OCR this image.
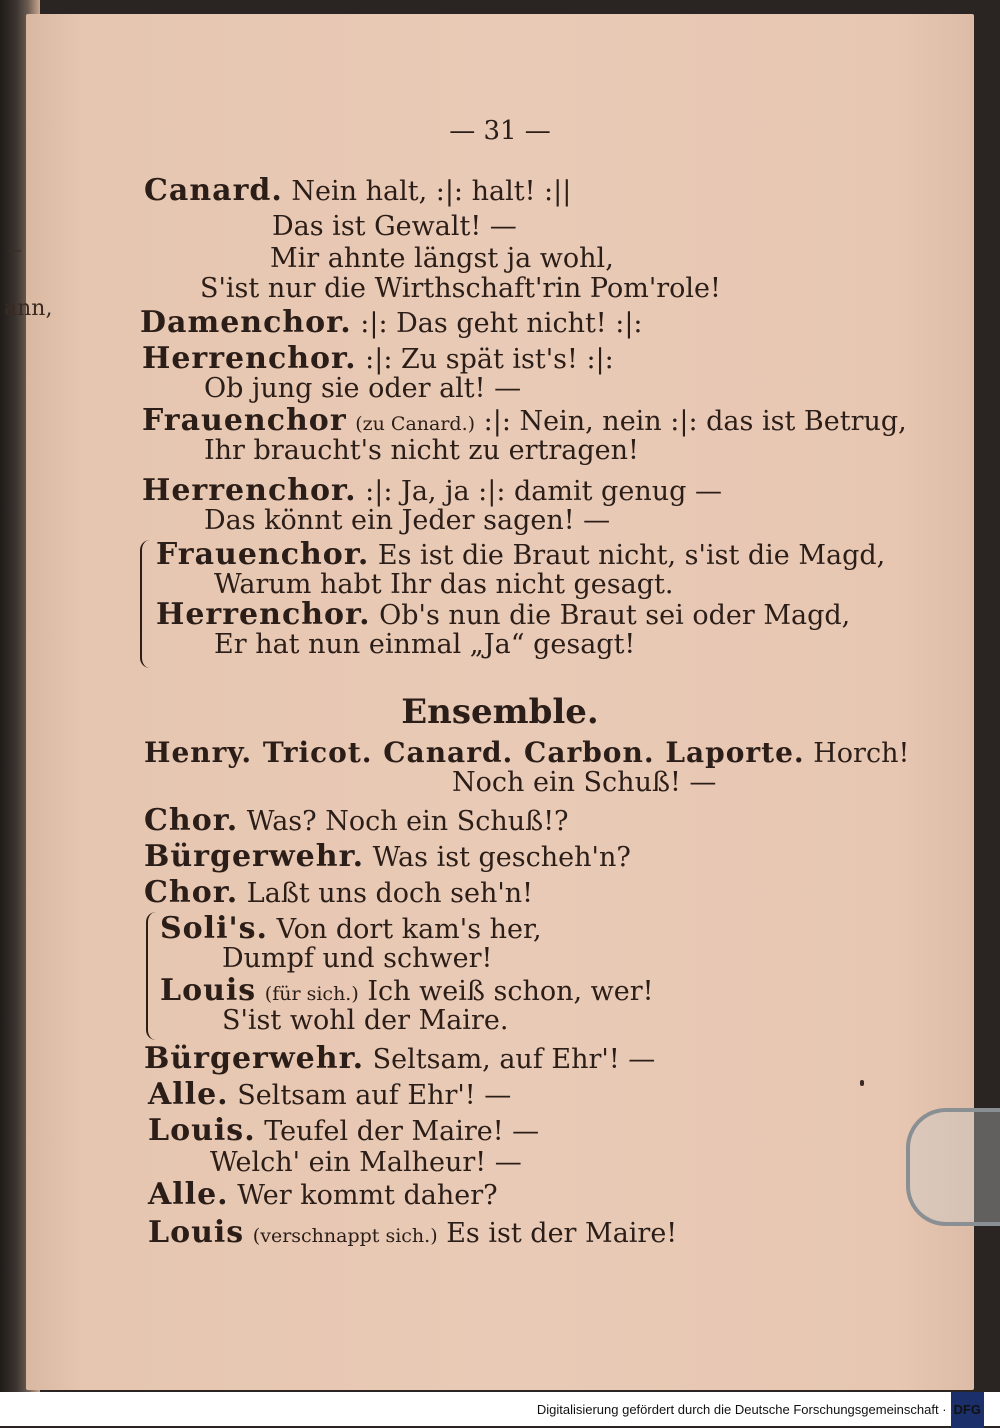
ann,
—
— 31 —
Canard. Nein halt, :|: halt! :||
Das ist Gewalt! —
Mir ahnte längst ja wohl,
S'ist nur die Wirthschaft'rin Pom'role!
Damenchor. :|: Das geht nicht! :|:
Herrenchor. :|: Zu spät ist's! :|:
Ob jung sie oder alt! —
Frauenchor (zu Canard.) :|: Nein, nein :|: das ist Betrug,
Ihr braucht's nicht zu ertragen!
Herrenchor. :|: Ja, ja :|: damit genug —
Das könnt ein Jeder sagen! —
Frauenchor. Es ist die Braut nicht, s'ist die Magd,
Warum habt Ihr das nicht gesagt.
Herrenchor. Ob's nun die Braut sei oder Magd,
Er hat nun einmal „Ja“ gesagt!
Ensemble.
Henry. Tricot. Canard. Carbon. Laporte. Horch!
Noch ein Schuß! —
Chor. Was? Noch ein Schuß!?
Bürgerwehr. Was ist gescheh'n?
Chor. Laßt uns doch seh'n!
Soli's. Von dort kam's her,
Dumpf und schwer!
Louis (für sich.) Ich weiß schon, wer!
S'ist wohl der Maire.
Bürgerwehr. Seltsam, auf Ehr'! —
Alle. Seltsam auf Ehr'! —
Louis. Teufel der Maire! —
Welch' ein Malheur! —
Alle. Wer kommt daher?
Louis (verschnappt sich.) Es ist der Maire!
Digitalisierung gefördert durch die Deutsche Forschungsgemeinschaft · DFG
